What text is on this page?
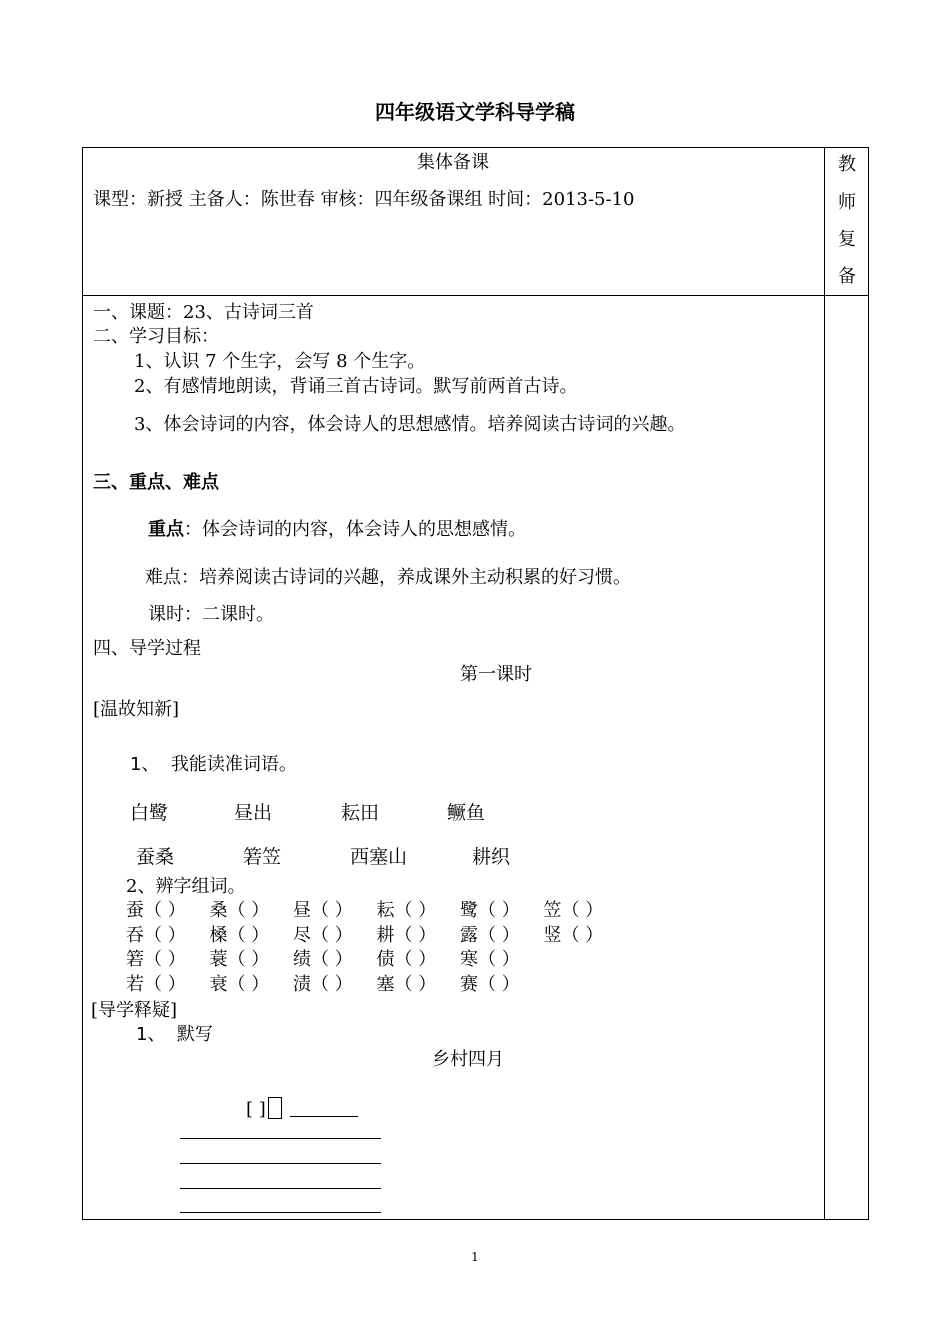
四年级语文学科导学稿
集体备课
课型：新授 主备人：陈世春 审核：四年级备课组 时间：2013-5-10
教
师
复
备
一、课题：23、古诗词三首
二、学习目标：
1、认识 7 个生字，会写 8 个生字。
2、有感情地朗读，背诵三首古诗词。默写前两首古诗。
3、体会诗词的内容，体会诗人的思想感情。培养阅读古诗词的兴趣。
三、重点、难点
重点：体会诗词的内容，体会诗人的思想感情。
难点：培养阅读古诗词的兴趣，养成课外主动积累的好习惯。
课时：二课时。
四、导学过程
第一课时
[温故知新]
1、 我能读准词语。
白鹭	昼出	耘田	鳜鱼
蚕桑	箬笠	西塞山	耕织
2、辨字组词。
蚕（ ） 桑（ ） 昼（ ） 耘（ ） 鹭（ ） 笠（ ）
吞（ ） 槡（ ） 尽（ ） 耕（ ） 露（ ） 竖（ ）
箬（ ） 蓑（ ） 绩（ ） 债（ ） 寒（ ）
若（ ） 衰（ ） 渍（ ） 塞（ ） 赛（ ）
[导学释疑]
1、 默写
乡村四月
[ ]
1
